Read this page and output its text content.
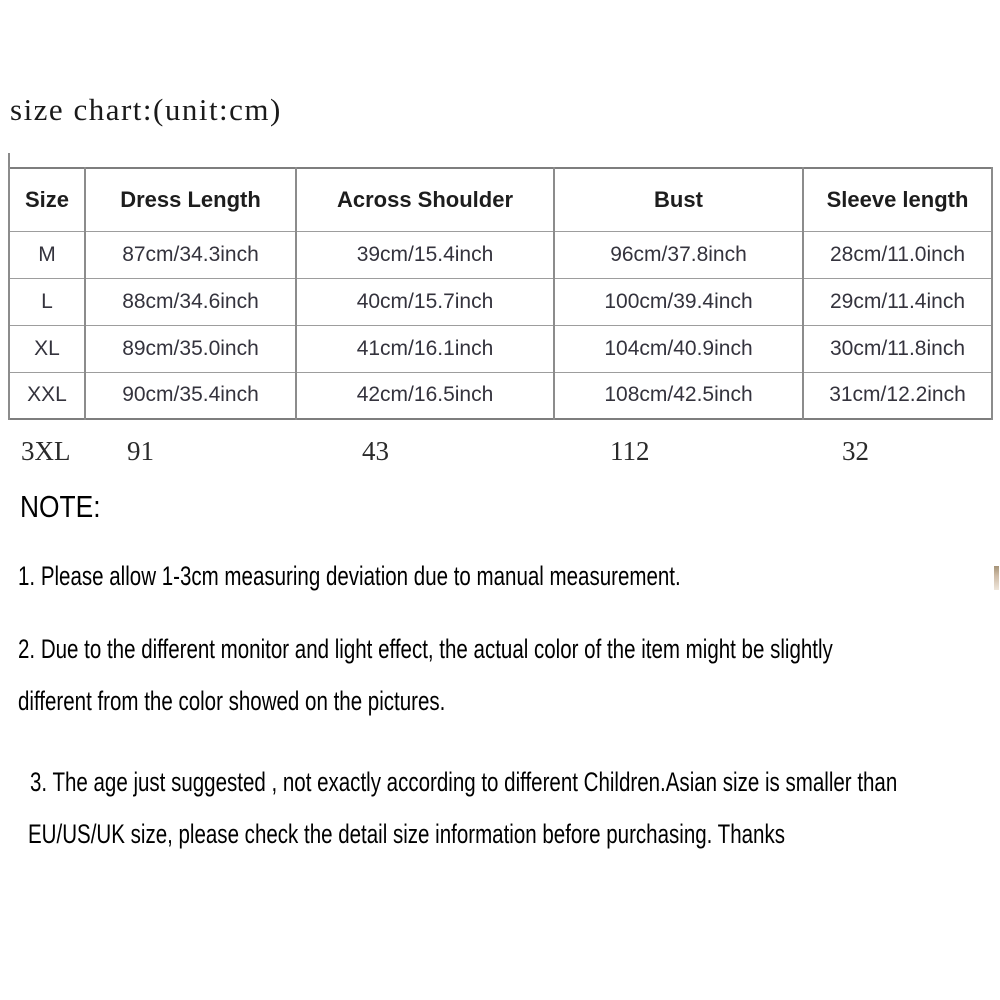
size chart:(unit:cm)
Size	Dress Length	Across Shoulder	Bust	Sleeve length
M	87cm/34.3inch	39cm/15.4inch	96cm/37.8inch	28cm/11.0inch
L	88cm/34.6inch	40cm/15.7inch	100cm/39.4inch	29cm/11.4inch
XL	89cm/35.0inch	41cm/16.1inch	104cm/40.9inch	30cm/11.8inch
XXL	90cm/35.4inch	42cm/16.5inch	108cm/42.5inch	31cm/12.2inch
3XL 91	43	112	32
NOTE:

1. Please allow 1-3cm measuring deviation due to manual measurement.

2. Due to the different monitor and light effect, the actual color of the item might be slightly

different from the color showed on the pictures.

3. The age just suggested , not exactly according to different Children.Asian size is smaller than

EU/US/UK size, please check the detail size information before purchasing. Thanks
